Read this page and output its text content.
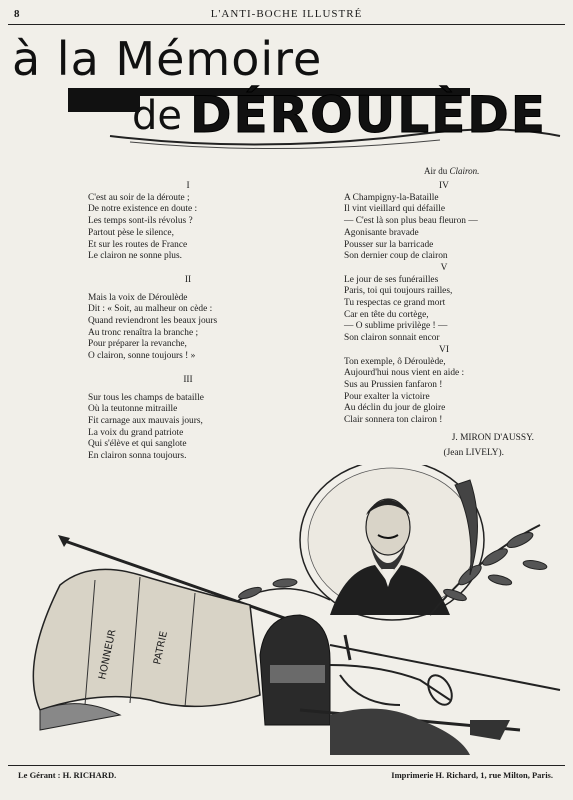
8	L'ANTI-BOCHE ILLUSTRÉ
à la Mémoire
de DÉROULÈDE
Air du Clairon.

I

C'est au soir de la déroute ;

De notre existence en doute :

Les temps sont-ils révolus ?

Partout pèse le silence,

Et sur les routes de France

Le clairon ne sonne plus.

II

Mais la voix de Déroulède

Dit : « Soit, au malheur on cède :

Quand reviendront les beaux jours

Au tronc renaîtra la branche ;

Pour préparer la revanche,

O clairon, sonne toujours ! »

III

Sur tous les champs de bataille

Où la teutonne mitraille

Fit carnage aux mauvais jours,

La voix du grand patriote

Qui s'élève et qui sanglote

En clairon sonna toujours.

IV

A Champigny-la-Bataille

Il vint vieillard qui défaille

— C'est là son plus beau fleuron —

Agonisante bravade

Pousser sur la barricade

Son dernier coup de clairon

V

Le jour de ses funérailles

Paris, toi qui toujours railles,

Tu respectas ce grand mort

Car en tête du cortège,

— O sublime privilège ! —

Son clairon sonnait encor

VI

Ton exemple, ô Déroulède,

Aujourd'hui nous vient en aide :

Sus au Prussien fanfaron !

Pour exalter la victoire

Au déclin du jour de gloire

Clair sonnera ton clairon !

J. MIRON D'AUSSY.

(Jean LIVELY).

HONNEUR	PATRIE
Le Gérant : H. RICHARD.	Imprimerie H. Richard, 1, rue Milton, Paris.
